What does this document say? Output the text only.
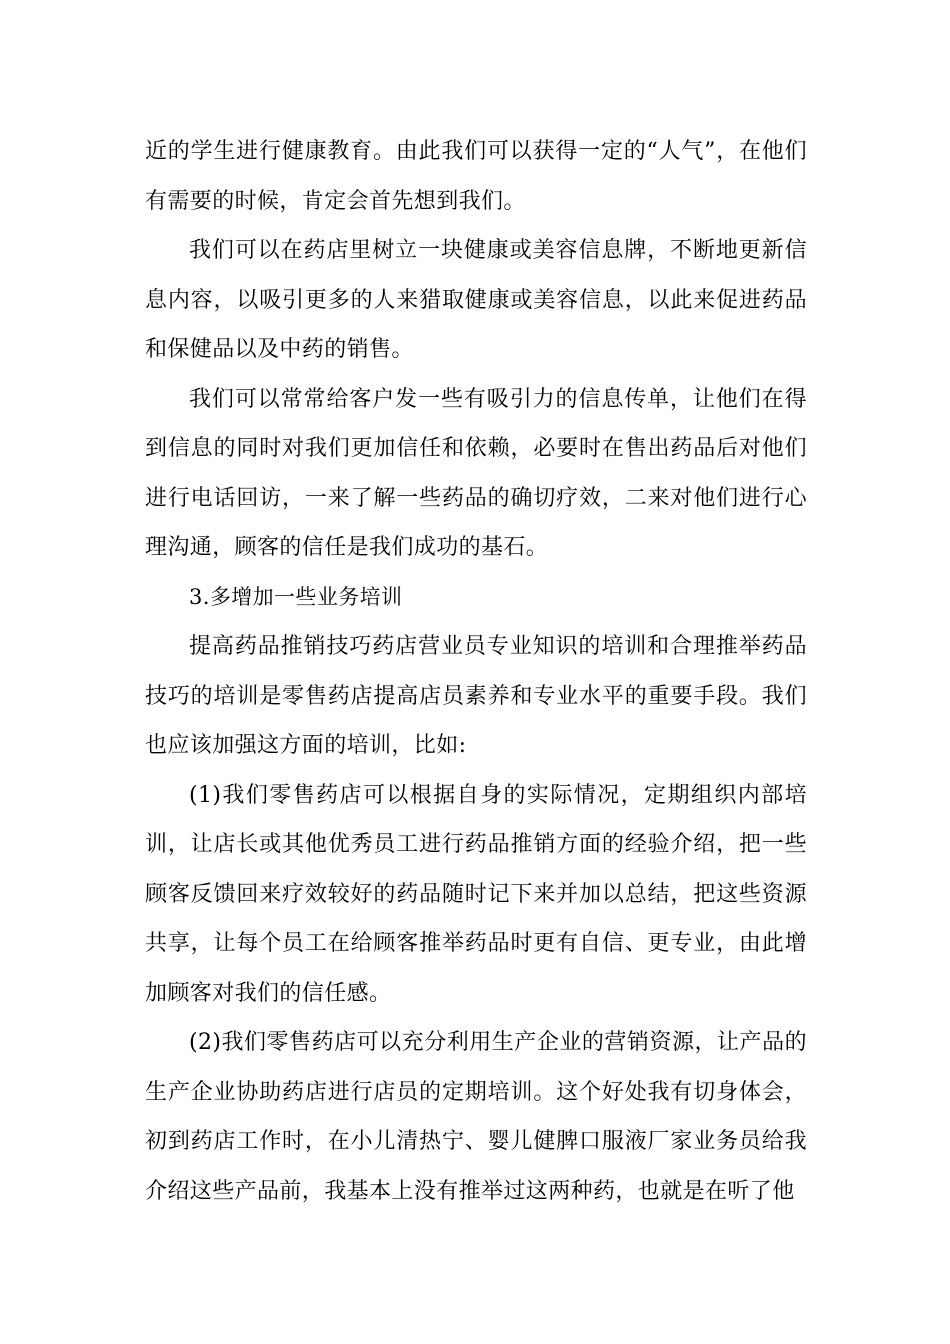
近的学生进行健康教育。由此我们可以获得一定的“人气”，在他们有需要的时候，肯定会首先想到我们。

我们可以在药店里树立一块健康或美容信息牌，不断地更新信息内容，以吸引更多的人来猎取健康或美容信息，以此来促进药品和保健品以及中药的销售。

我们可以常常给客户发一些有吸引力的信息传单，让他们在得到信息的同时对我们更加信任和依赖，必要时在售出药品后对他们进行电话回访，一来了解一些药品的确切疗效，二来对他们进行心理沟通，顾客的信任是我们成功的基石。

3.多增加一些业务培训

提高药品推销技巧药店营业员专业知识的培训和合理推举药品技巧的培训是零售药店提高店员素养和专业水平的重要手段。我们也应该加强这方面的培训，比如:

(1)我们零售药店可以根据自身的实际情况，定期组织内部培训，让店长或其他优秀员工进行药品推销方面的经验介绍，把一些顾客反馈回来疗效较好的药品随时记下来并加以总结，把这些资源共享，让每个员工在给顾客推举药品时更有自信、更专业，由此增加顾客对我们的信任感。

(2)我们零售药店可以充分利用生产企业的营销资源，让产品的生产企业协助药店进行店员的定期培训。这个好处我有切身体会，初到药店工作时，在小儿清热宁、婴儿健脾口服液厂家业务员给我介绍这些产品前，我基本上没有推举过这两种药，也就是在听了他
